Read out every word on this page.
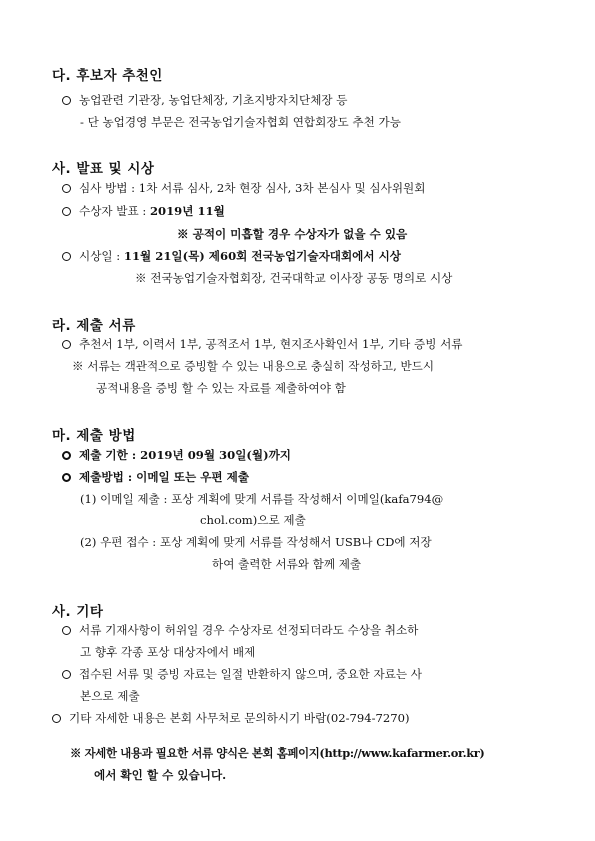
다. 후보자 추천인
농업관련 기관장, 농업단체장, 기초지방자치단체장 등
- 단 농업경영 부문은 전국농업기술자협회 연합회장도 추천 가능
사. 발표 및 시상
심사 방법 : 1차 서류 심사, 2차 현장 심사, 3차 본심사 및 심사위원회
수상자 발표 : 2019년 11월
※ 공적이 미흡할 경우 수상자가 없을 수 있음
시상일 : 11월 21일(목) 제60회 전국농업기술자대회에서 시상
※ 전국농업기술자협회장, 건국대학교 이사장 공동 명의로 시상
라. 제출 서류
추천서 1부, 이력서 1부, 공적조서 1부, 현지조사확인서 1부, 기타 증빙 서류
※ 서류는 객관적으로 증빙할 수 있는 내용으로 충실히 작성하고, 반드시
공적내용을 증빙 할 수 있는 자료를 제출하여야 함
마. 제출 방법
제출 기한 : 2019년 09월 30일(월)까지
제출방법 : 이메일 또는 우편 제출
(1) 이메일 제출 : 포상 계획에 맞게 서류를 작성해서 이메일(kafa794@
chol.com)으로 제출
(2) 우편 접수 : 포상 계획에 맞게 서류를 작성해서 USB나 CD에 저장
하여 출력한 서류와 함께 제출
사. 기타
서류 기재사항이 허위일 경우 수상자로 선정되더라도 수상을 취소하
고 향후 각종 포상 대상자에서 배제
접수된 서류 및 증빙 자료는 일절 반환하지 않으며, 중요한 자료는 사
본으로 제출
기타 자세한 내용은 본회 사무처로 문의하시기 바람(02-794-7270)
※ 자세한 내용과 필요한 서류 양식은 본회 홈페이지(http://www.kafarmer.or.kr)
에서 확인 할 수 있습니다.
